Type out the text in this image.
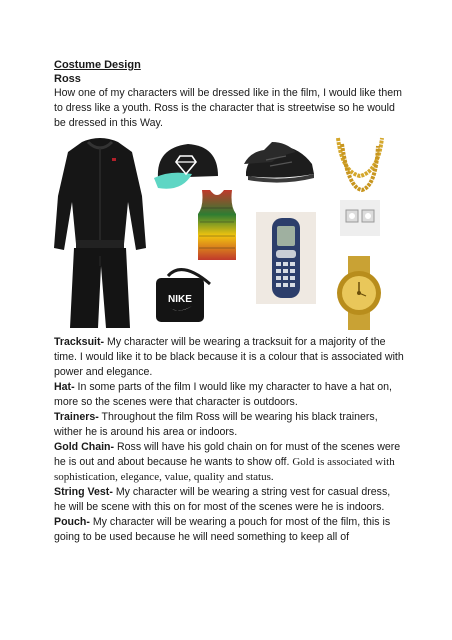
Costume Design
Ross
How one of my characters will be dressed like in the film, I would like them to dress like a youth. Ross is the character that is streetwise so he would be dressed in this Way.
NIKE

Tracksuit- My character will be wearing a tracksuit for a majority of the time. I would like it to be black because it is a colour that is associated with power and elegance.

Hat- In some parts of the film I would like my character to have a hat on, more so the scenes were that character is outdoors.

Trainers- Throughout the film Ross will be wearing his black trainers, wither he is around his area or indoors.

Gold Chain- Ross will have his gold chain on for must of the scenes were he is out and about because he wants to show off. Gold is associated with sophistication, elegance, value, quality and status.

String Vest- My character will be wearing a string vest for casual dress, he will be scene with this on for most of the scenes were he is indoors.

Pouch- My character will be wearing a pouch for most of the film, this is going to be used because he will need something to keep all of
